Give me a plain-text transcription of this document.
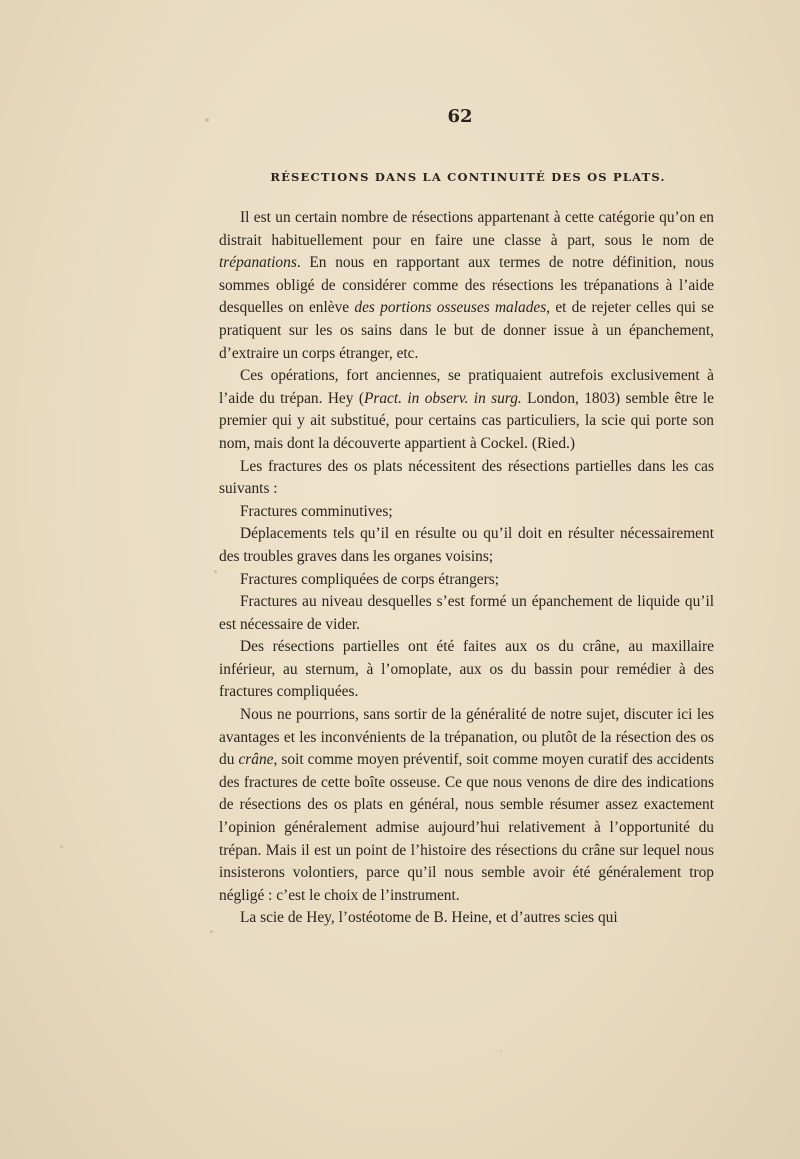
62
RÉSECTIONS DANS LA CONTINUITÉ DES OS PLATS.

Il est un certain nombre de résections appartenant à cette catégorie qu’on en distrait habituellement pour en faire une classe à part, sous le nom de trépanations. En nous en rapportant aux termes de notre définition, nous sommes obligé de considérer comme des résections les trépanations à l’aide desquelles on enlève des portions osseuses malades, et de rejeter celles qui se pratiquent sur les os sains dans le but de donner issue à un épanchement, d’extraire un corps étranger, etc.

Ces opérations, fort anciennes, se pratiquaient autrefois exclusivement à l’aide du trépan. Hey (Pract. in observ. in surg. London, 1803) semble être le premier qui y ait substitué, pour certains cas particuliers, la scie qui porte son nom, mais dont la découverte appartient à Cockel. (Ried.)

Les fractures des os plats nécessitent des résections partielles dans les cas suivants :

Fractures comminutives;

Déplacements tels qu’il en résulte ou qu’il doit en résulter nécessairement des troubles graves dans les organes voisins;

Fractures compliquées de corps étrangers;

Fractures au niveau desquelles s’est formé un épanchement de liquide qu’il est nécessaire de vider.

Des résections partielles ont été faites aux os du crâne, au maxillaire inférieur, au sternum, à l’omoplate, aux os du bassin pour remédier à des fractures compliquées.

Nous ne pourrions, sans sortir de la généralité de notre sujet, discuter ici les avantages et les inconvénients de la trépanation, ou plutôt de la résection des os du crâne, soit comme moyen préventif, soit comme moyen curatif des accidents des fractures de cette boîte osseuse. Ce que nous venons de dire des indications de résections des os plats en général, nous semble résumer assez exactement l’opinion généralement admise aujourd’hui relativement à l’opportunité du trépan. Mais il est un point de l’histoire des résections du crâne sur lequel nous insisterons volontiers, parce qu’il nous semble avoir été généralement trop négligé : c’est le choix de l’instrument.

La scie de Hey, l’ostéotome de B. Heine, et d’autres scies qui
